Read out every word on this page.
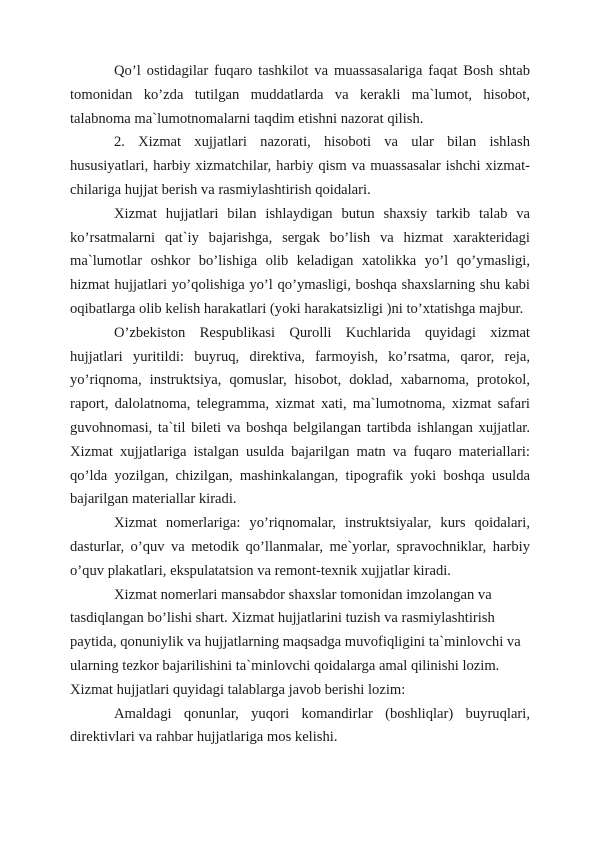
Qo’l ostidagilar fuqaro tashkilot va muassasalariga faqat Bosh shtab tomonidan ko’zda tutilgan muddatlarda va kerakli ma`lumot, hisobot, talabnoma ma`lumotnomalarni taqdim etishni nazorat qilish.

2. Xizmat xujjatlari nazorati, hisoboti va ular bilan ishlash hususiyatlari, harbiy xizmatchilar, harbiy qism va muassasalar ishchi xizmat- chilariga hujjat berish va rasmiylashtirish qoidalari.

Xizmat hujjatlari bilan ishlaydigan butun shaxsiy tarkib talab va ko’rsatmalarni qat`iy bajarishga, sergak bo’lish va hizmat xarakteridagi ma`lumotlar oshkor bo’lishiga olib keladigan xatolikka yo’l qo’ymasligi, hizmat hujjatlari yo’qolishiga yo’l qo’ymasligi, boshqa shaxslarning shu kabi oqibatlarga olib kelish harakatlari (yoki harakatsizligi )ni to’xtatishga majbur.

O’zbekiston Respublikasi Qurolli Kuchlarida quyidagi xizmat hujjatlari yuritildi: buyruq, direktiva, farmoyish, ko’rsatma, qaror, reja, yo’riqnoma, instruktsiya, qomuslar, hisobot, doklad, xabarnoma, protokol, raport, dalolatnoma, telegramma, xizmat xati, ma`lumotnoma, xizmat safari guvohnomasi, ta`til bileti va boshqa belgilangan tartibda ishlangan xujjatlar. Xizmat xujjatlariga istalgan usulda bajarilgan matn va fuqaro materiallari: qo’lda yozilgan, chizilgan, mashinkalangan, tipografik yoki boshqa usulda bajarilgan materiallar kiradi.

Xizmat nomerlariga: yo’riqnomalar, instruktsiyalar, kurs qoidalari, dasturlar, o’quv va metodik qo’llanmalar, me`yorlar, spravochniklar, harbiy o’quv plakatlari, ekspulatatsion va remont-texnik xujjatlar kiradi.

Xizmat nomerlari mansabdor shaxslar tomonidan imzolangan va tasdiqlangan bo’lishi shart. Xizmat hujjatlarini tuzish va rasmiylashtirish paytida, qonuniylik va hujjatlarning maqsadga muvofiqligini ta`minlovchi va ularning tezkor bajarilishini ta`minlovchi qoidalarga amal qilinishi lozim.

Xizmat hujjatlari quyidagi talablarga javob berishi lozim:

Amaldagi qonunlar, yuqori komandirlar (boshliqlar) buyruqlari, direktivlari va rahbar hujjatlariga mos kelishi.
